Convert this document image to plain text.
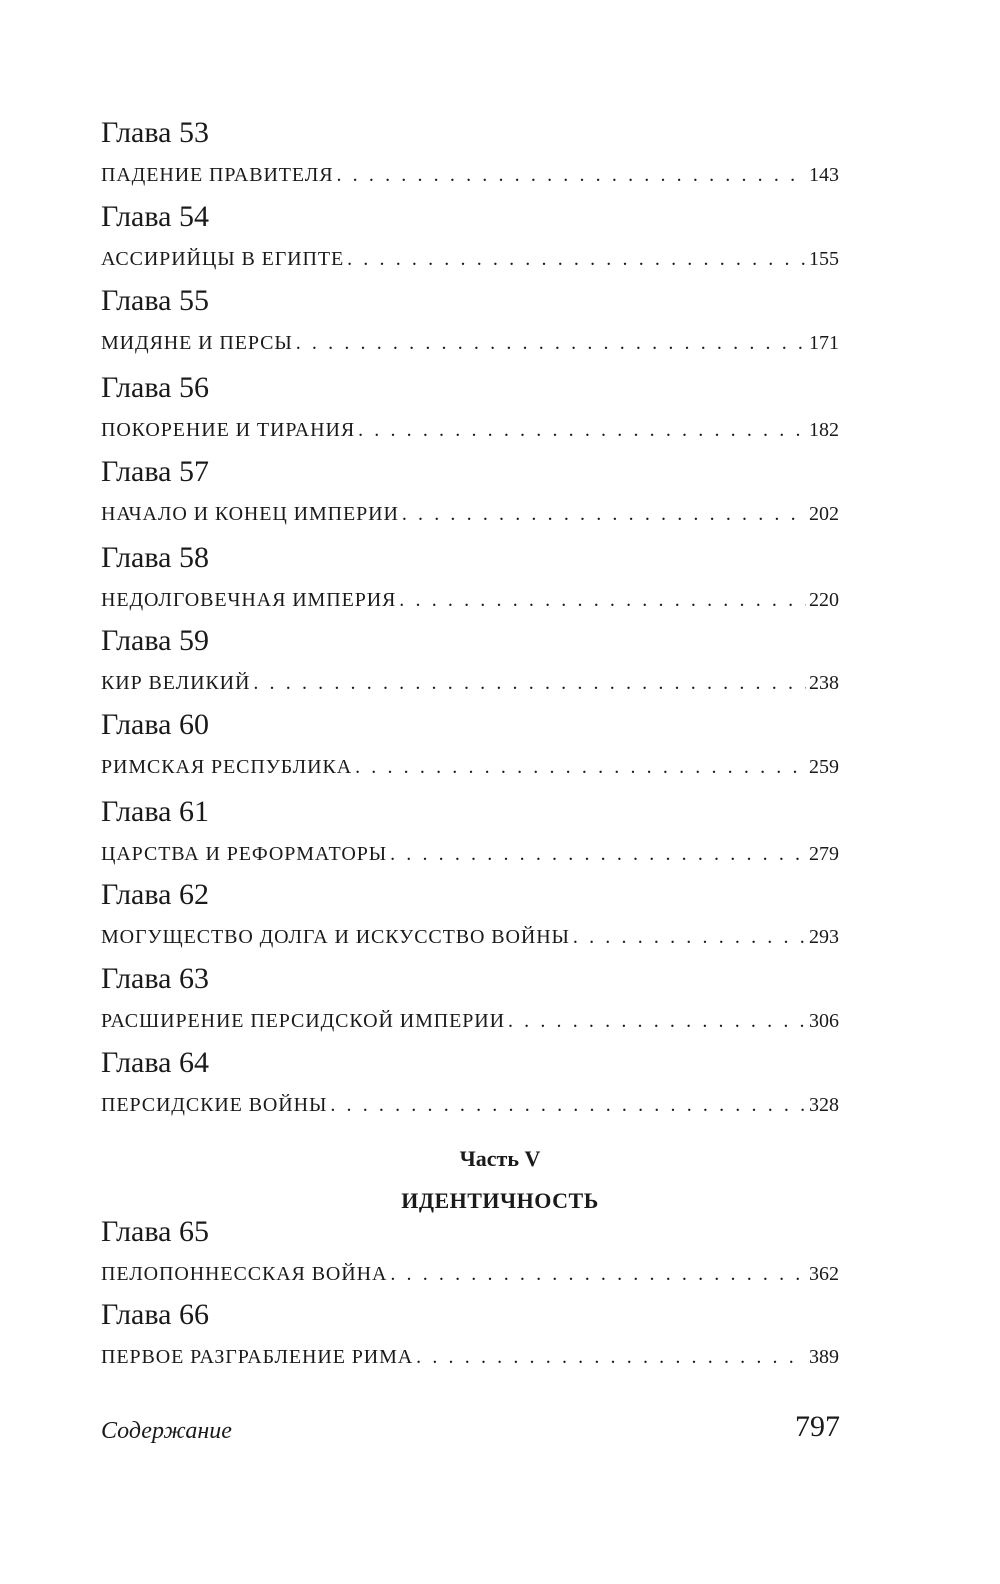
Глава 53
ПАДЕНИЕ ПРАВИТЕЛЯ . . .	143
Глава 54
АССИРИЙЦЫ В ЕГИПТЕ . . .	155
Глава 55
МИДЯНЕ И ПЕРСЫ . . .	171
Глава 56
ПОКОРЕНИЕ И ТИРАНИЯ . . .	182
Глава 57
НАЧАЛО И КОНЕЦ ИМПЕРИИ . . .	202
Глава 58
НЕДОЛГОВЕЧНАЯ ИМПЕРИЯ . . .	220
Глава 59
КИР ВЕЛИКИЙ . . .	238
Глава 60
РИМСКАЯ РЕСПУБЛИКА . . .	259
Глава 61
ЦАРСТВА И РЕФОРМАТОРЫ . . .	279
Глава 62
МОГУЩЕСТВО ДОЛГА И ИСКУССТВО ВОЙНЫ . . .	293
Глава 63
РАСШИРЕНИЕ ПЕРСИДСКОЙ ИМПЕРИИ . . .	306
Глава 64
ПЕРСИДСКИЕ ВОЙНЫ . . .	328
Часть V
ИДЕНТИЧНОСТЬ
Глава 65
ПЕЛОПОННЕССКАЯ ВОЙНА . . .	362
Глава 66
ПЕРВОЕ РАЗГРАБЛЕНИЕ РИМА . . .	389
Содержание	797
